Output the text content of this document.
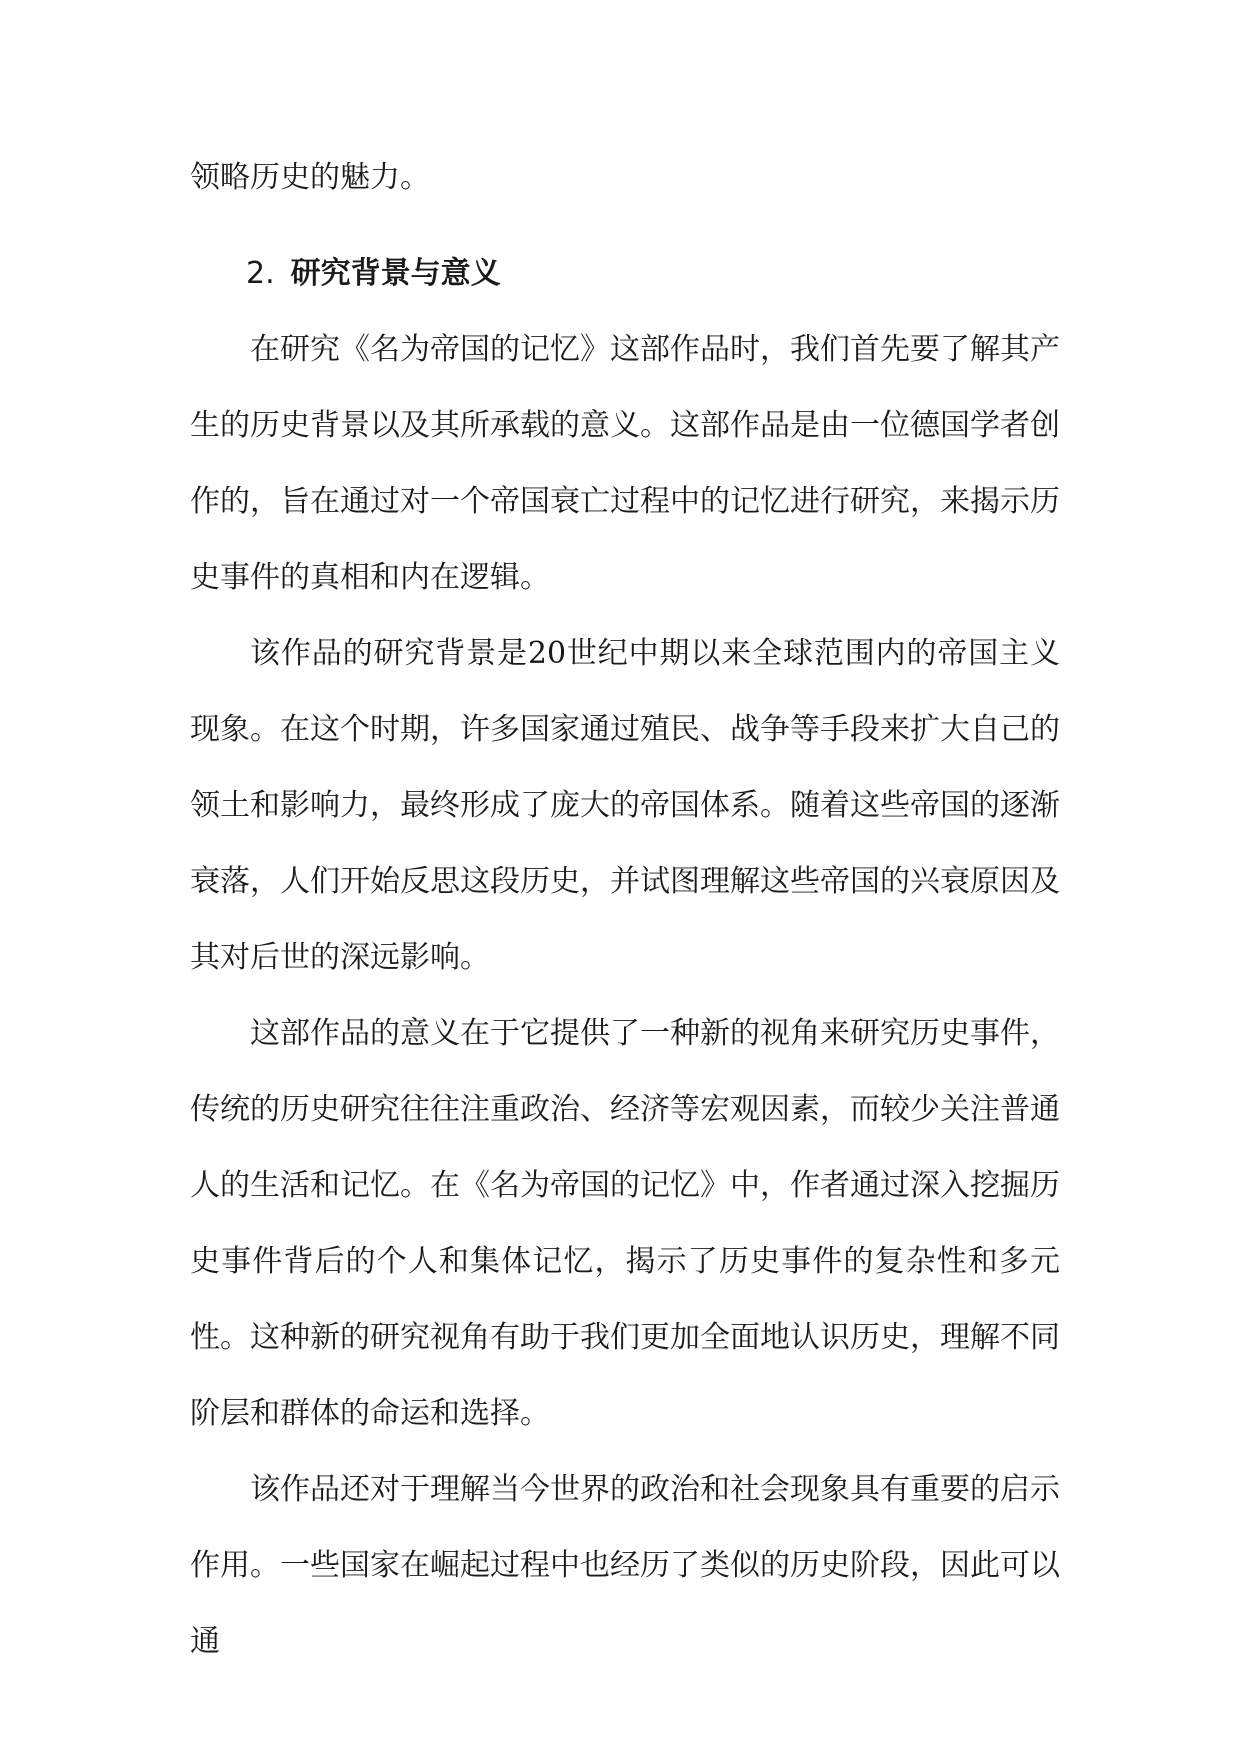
领略历史的魅力。

2. 研究背景与意义

在研究《名为帝国的记忆》这部作品时，我们首先要了解其产生的历史背景以及其所承载的意义。这部作品是由一位德国学者创作的，旨在通过对一个帝国衰亡过程中的记忆进行研究，来揭示历史事件的真相和内在逻辑。

该作品的研究背景是20世纪中期以来全球范围内的帝国主义现象。在这个时期，许多国家通过殖民、战争等手段来扩大自己的领土和影响力，最终形成了庞大的帝国体系。随着这些帝国的逐渐衰落，人们开始反思这段历史，并试图理解这些帝国的兴衰原因及其对后世的深远影响。

这部作品的意义在于它提供了一种新的视角来研究历史事件，传统的历史研究往往注重政治、经济等宏观因素，而较少关注普通人的生活和记忆。在《名为帝国的记忆》中，作者通过深入挖掘历史事件背后的个人和集体记忆，揭示了历史事件的复杂性和多元性。这种新的研究视角有助于我们更加全面地认识历史，理解不同阶层和群体的命运和选择。

该作品还对于理解当今世界的政治和社会现象具有重要的启示作用。一些国家在崛起过程中也经历了类似的历史阶段，因此可以通
